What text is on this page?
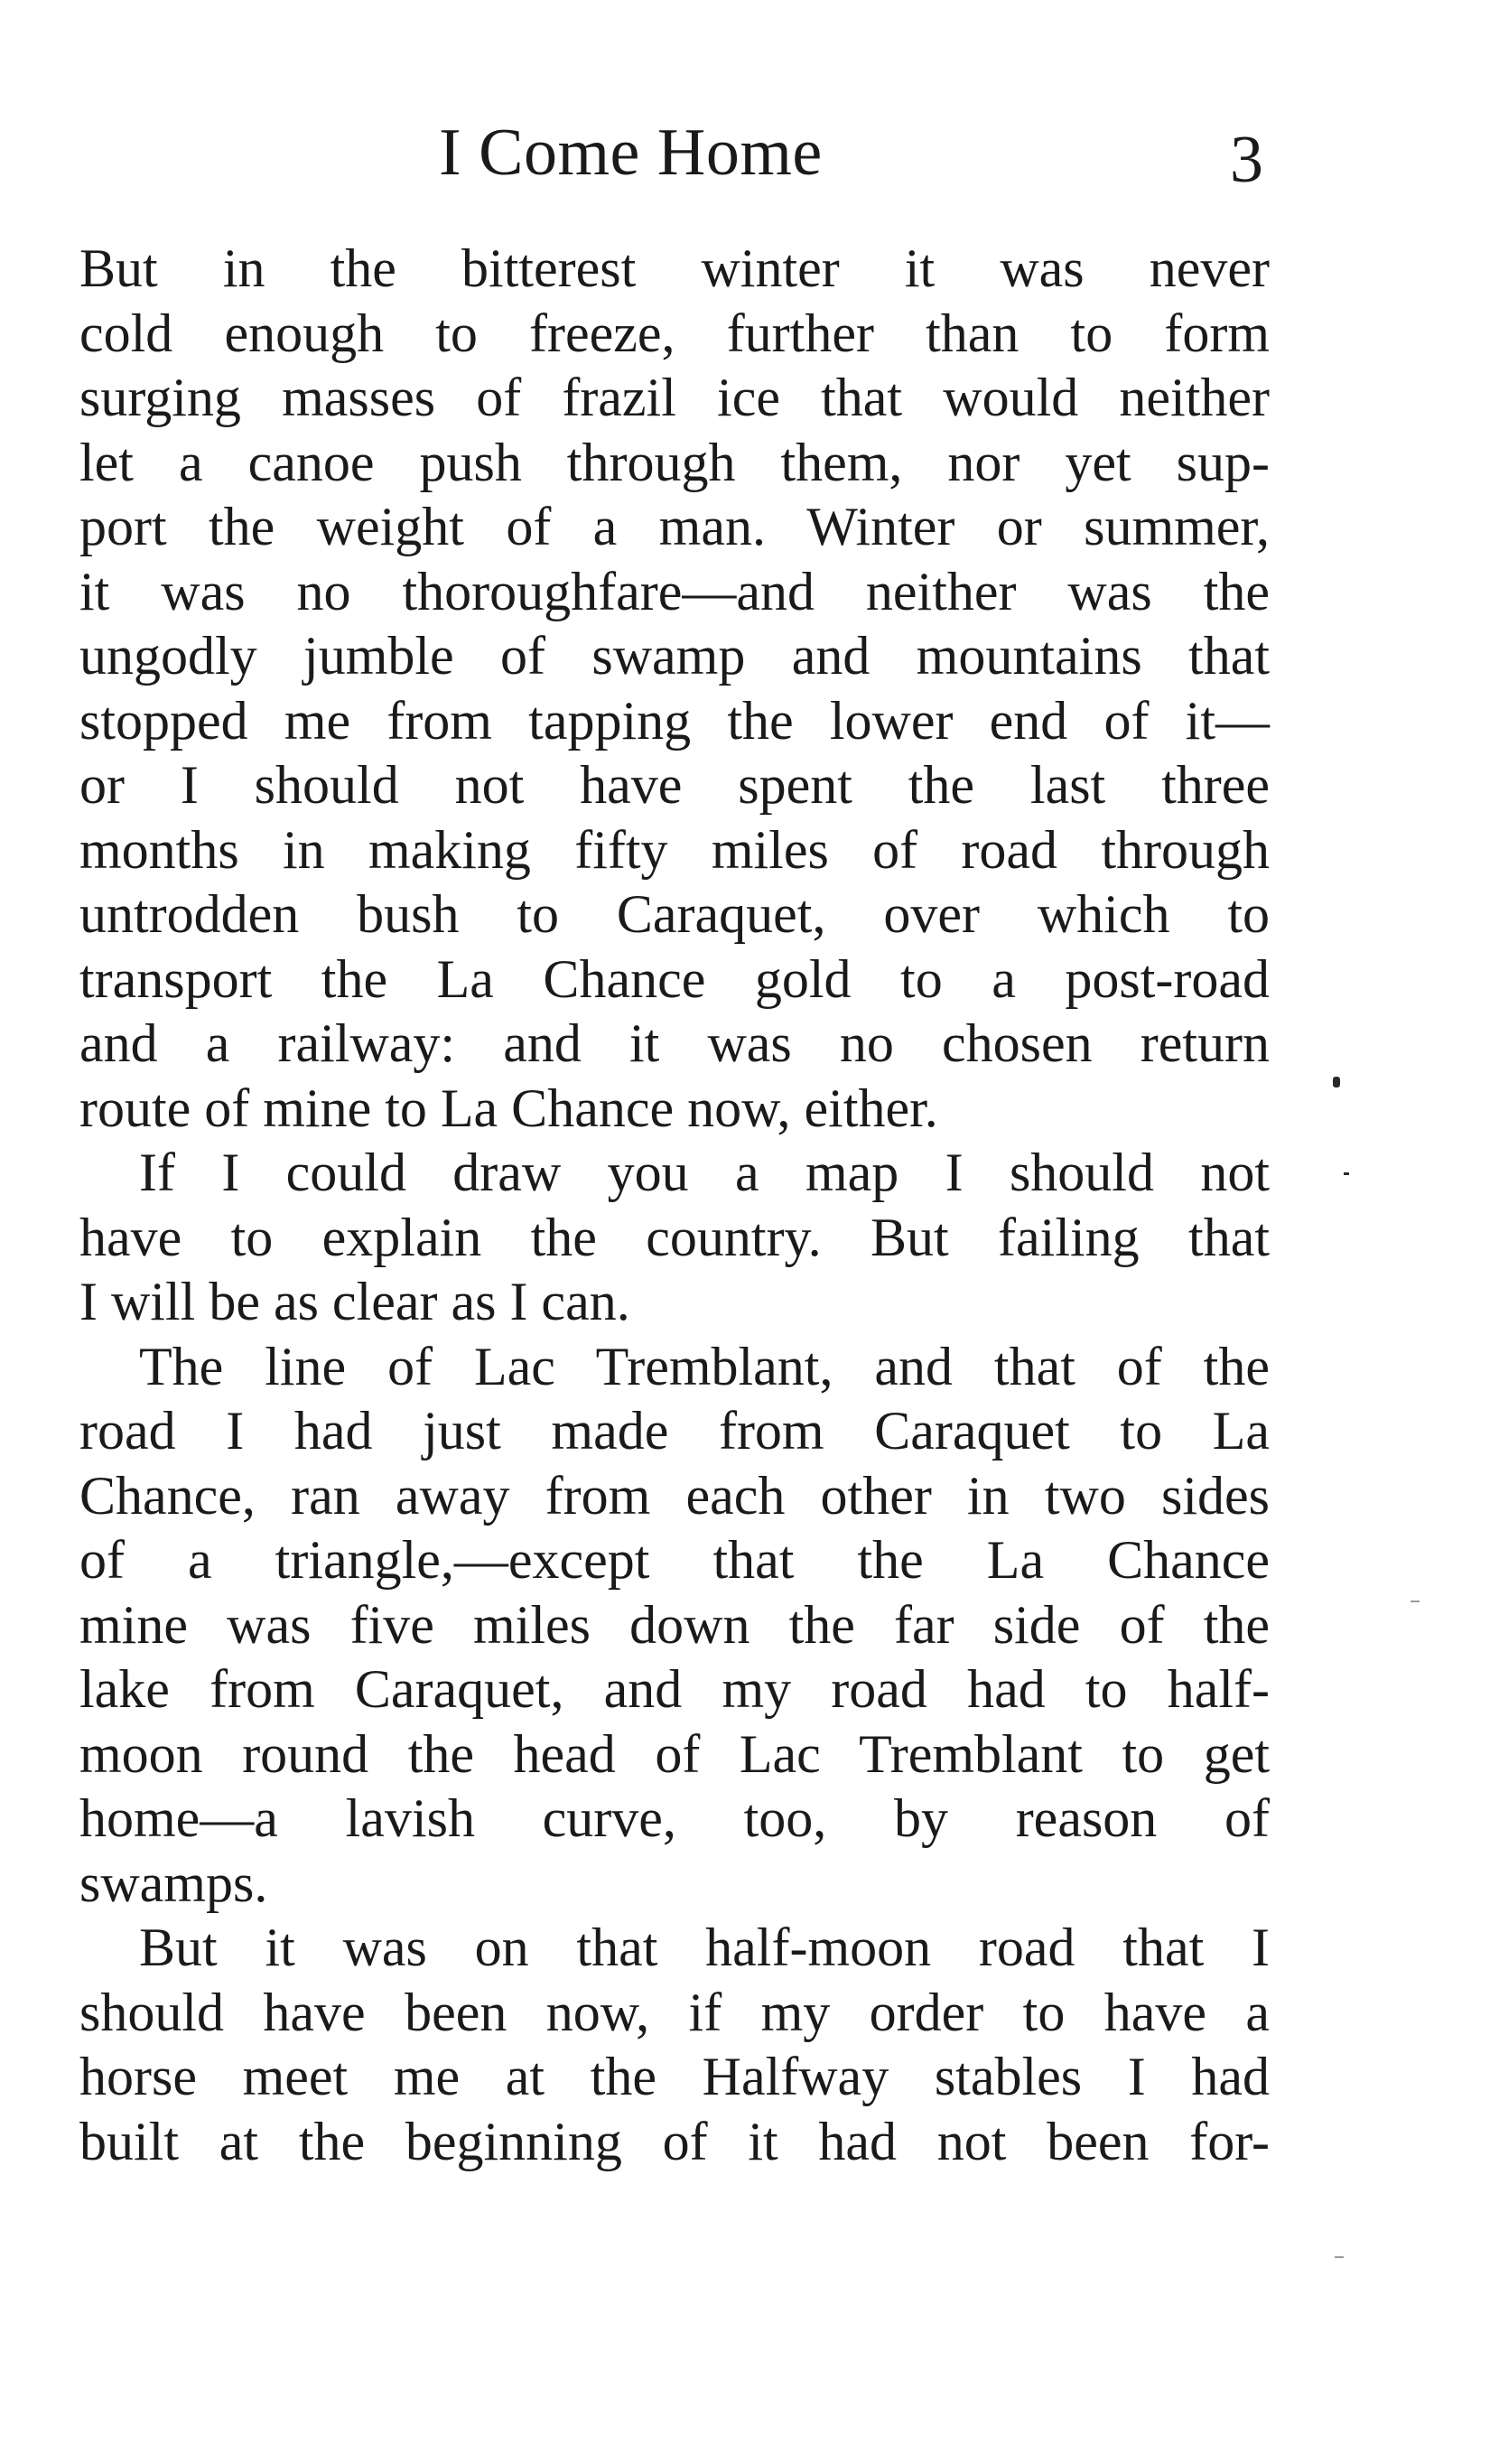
I Come Home	3
But in the bitterest winter it was never
cold enough to freeze, further than to form
surging masses of frazil ice that would neither
let a canoe push through them, nor yet sup-
port the weight of a man. Winter or summer,
it was no thoroughfare—and neither was the
ungodly jumble of swamp and mountains that
stopped me from tapping the lower end of it—
or I should not have spent the last three
months in making fifty miles of road through
untrodden bush to Caraquet, over which to
transport the La Chance gold to a post-road
and a railway: and it was no chosen return
route of mine to La Chance now, either.
If I could draw you a map I should not
have to explain the country. But failing that
I will be as clear as I can.
The line of Lac Tremblant, and that of the
road I had just made from Caraquet to La
Chance, ran away from each other in two sides
of a triangle,—except that the La Chance
mine was five miles down the far side of the
lake from Caraquet, and my road had to half-
moon round the head of Lac Tremblant to get
home—a lavish curve, too, by reason of
swamps.
But it was on that half-moon road that I
should have been now, if my order to have a
horse meet me at the Halfway stables I had
built at the beginning of it had not been for-
